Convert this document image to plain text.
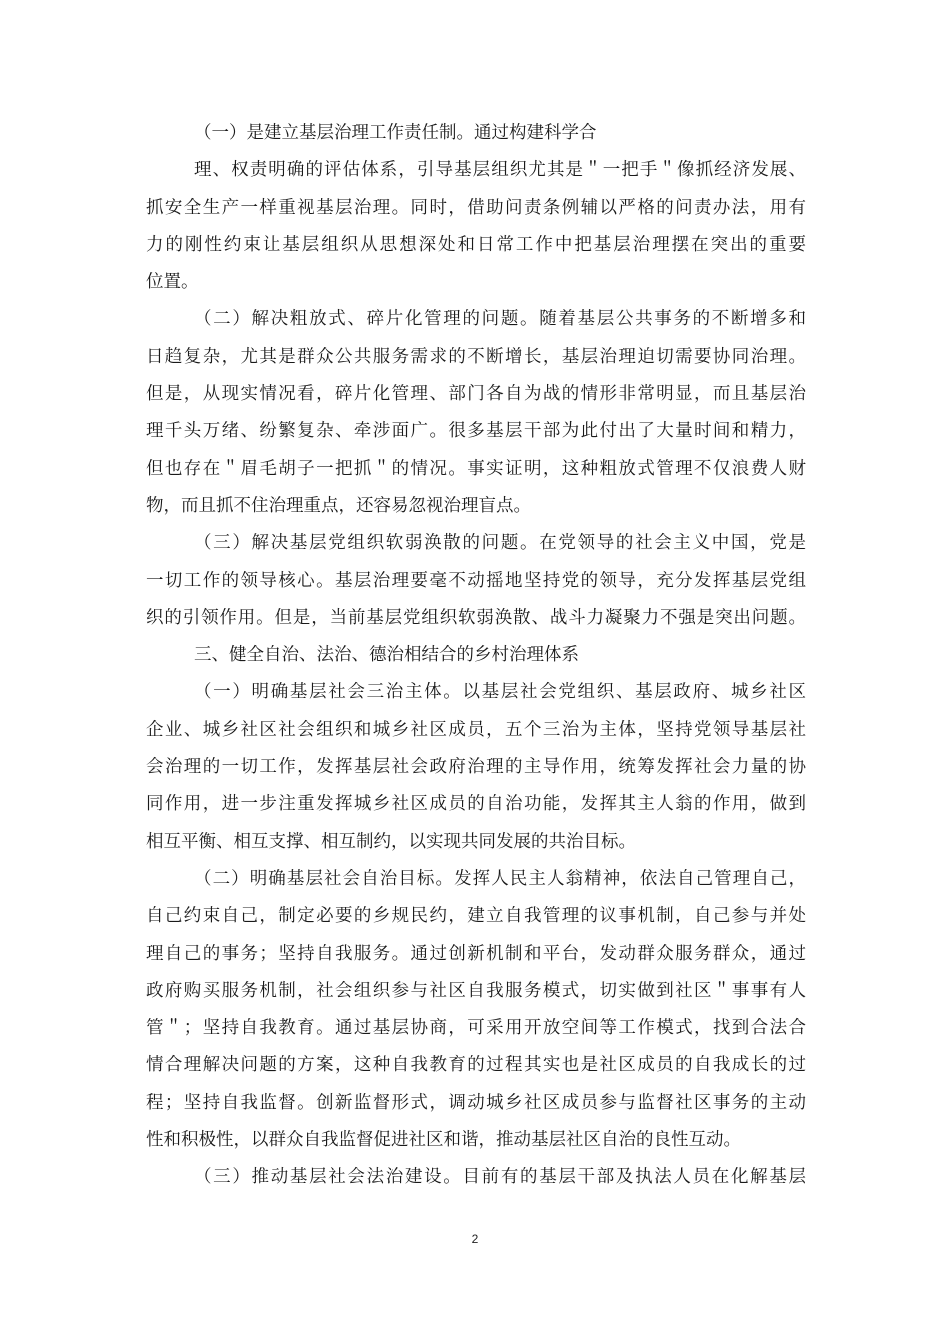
（一）是建立基层治理工作责任制。通过构建科学合
理、权责明确的评估体系，引导基层组织尤其是＂一把手＂像抓经济发展、
抓安全生产一样重视基层治理。同时，借助问责条例辅以严格的问责办法，用有
力的刚性约束让基层组织从思想深处和日常工作中把基层治理摆在突出的重要
位置。
（二）解决粗放式、碎片化管理的问题。随着基层公共事务的不断增多和
日趋复杂，尤其是群众公共服务需求的不断增长，基层治理迫切需要协同治理。
但是，从现实情况看，碎片化管理、部门各自为战的情形非常明显，而且基层治
理千头万绪、纷繁复杂、牵涉面广。很多基层干部为此付出了大量时间和精力，
但也存在＂眉毛胡子一把抓＂的情况。事实证明，这种粗放式管理不仅浪费人财
物，而且抓不住治理重点，还容易忽视治理盲点。
（三）解决基层党组织软弱涣散的问题。在党领导的社会主义中国，党是
一切工作的领导核心。基层治理要毫不动摇地坚持党的领导，充分发挥基层党组
织的引领作用。但是，当前基层党组织软弱涣散、战斗力凝聚力不强是突出问题。
三、健全自治、法治、德治相结合的乡村治理体系
（一）明确基层社会三治主体。以基层社会党组织、基层政府、城乡社区
企业、城乡社区社会组织和城乡社区成员，五个三治为主体，坚持党领导基层社
会治理的一切工作，发挥基层社会政府治理的主导作用，统筹发挥社会力量的协
同作用，进一步注重发挥城乡社区成员的自治功能，发挥其主人翁的作用，做到
相互平衡、相互支撑、相互制约，以实现共同发展的共治目标。
（二）明确基层社会自治目标。发挥人民主人翁精神，依法自己管理自己，
自己约束自己，制定必要的乡规民约，建立自我管理的议事机制，自己参与并处
理自己的事务；坚持自我服务。通过创新机制和平台，发动群众服务群众，通过
政府购买服务机制，社会组织参与社区自我服务模式，切实做到社区＂事事有人
管＂；坚持自我教育。通过基层协商，可采用开放空间等工作模式，找到合法合
情合理解决问题的方案，这种自我教育的过程其实也是社区成员的自我成长的过
程；坚持自我监督。创新监督形式，调动城乡社区成员参与监督社区事务的主动
性和积极性，以群众自我监督促进社区和谐，推动基层社区自治的良性互动。
（三）推动基层社会法治建设。目前有的基层干部及执法人员在化解基层
2
